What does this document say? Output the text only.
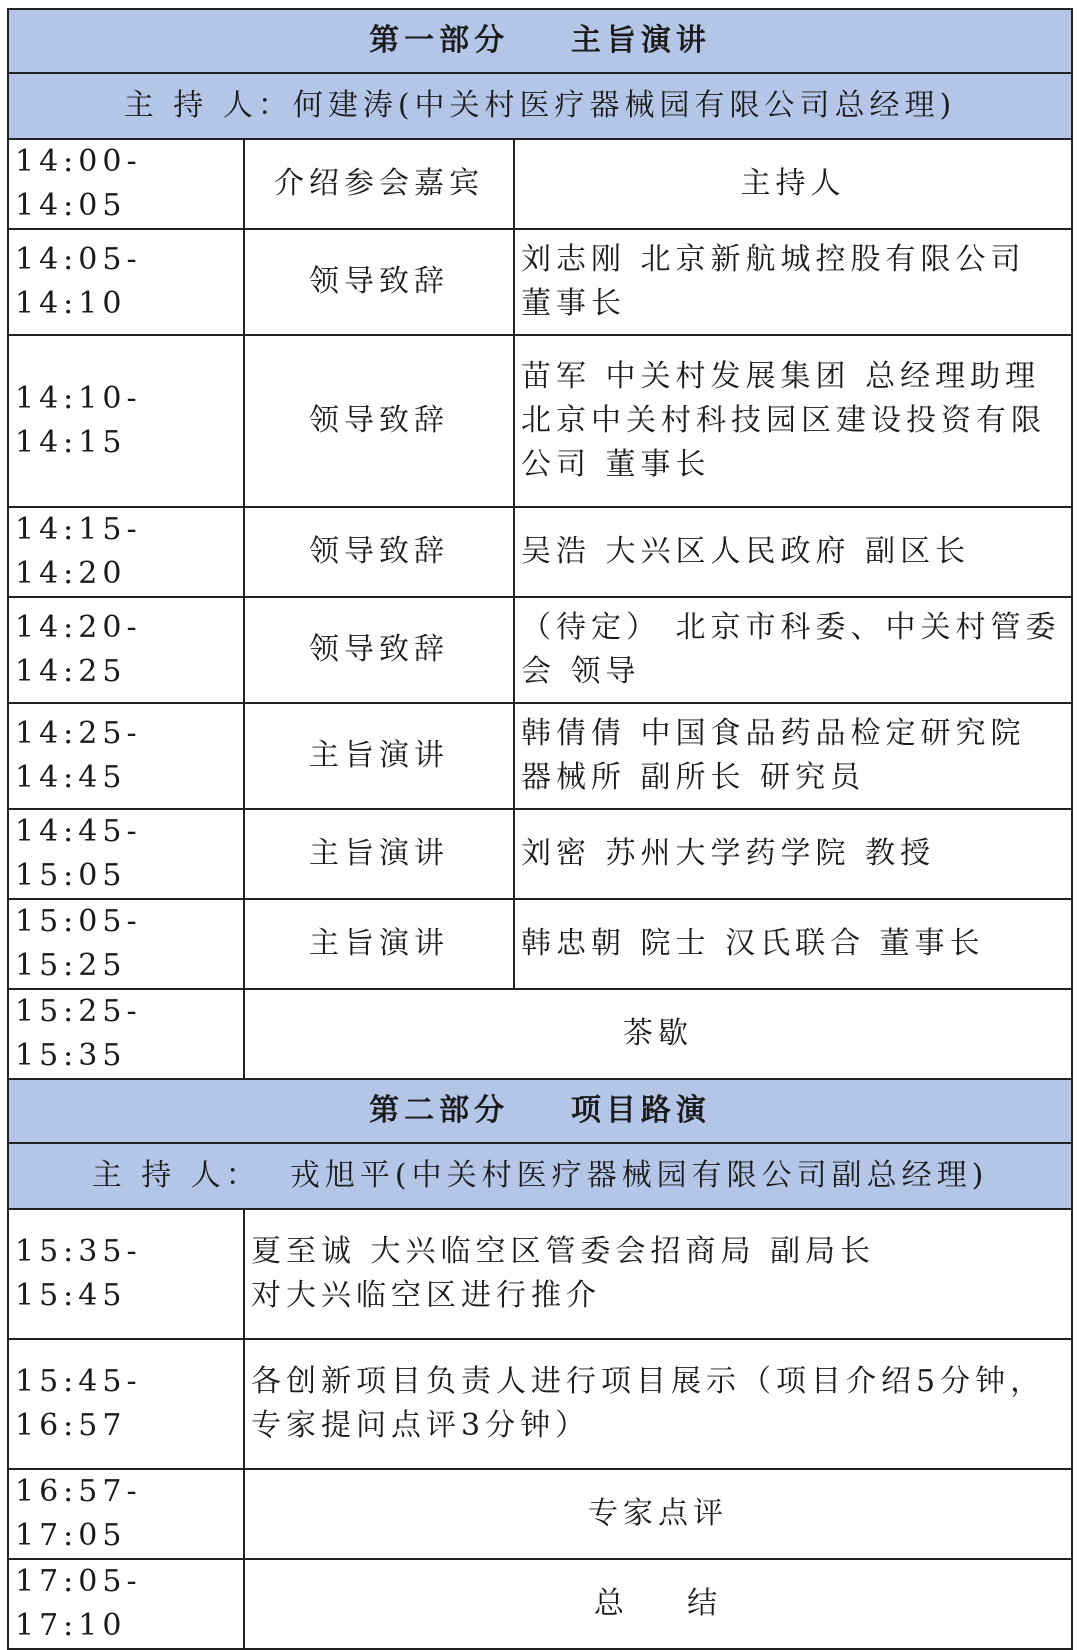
第一部分    主旨演讲		
主 持 人：何建涛(中关村医疗器械园有限公司总经理)		
14:00-14:05	介绍参会嘉宾	主持人

14:05-14:10	领导致辞	刘志刚 北京新航城控股有限公司
董事长

14:10-14:15	领导致辞	苗军 中关村发展集团 总经理助理
北京中关村科技园区建设投资有限
公司 董事长

14:15-14:20	领导致辞	吴浩 大兴区人民政府 副区长

14:20-14:25	领导致辞	（待定） 北京市科委、中关村管委
会 领导

14:25-14:45	主旨演讲	韩倩倩 中国食品药品检定研究院
器械所 副所长 研究员

14:45-15:05	主旨演讲	刘密 苏州大学药学院 教授

15:05-15:25	主旨演讲	韩忠朝 院士 汉氏联合 董事长

15:25-15:35	茶歇	
第二部分    项目路演		
主 持 人：  戎旭平(中关村医疗器械园有限公司副总经理)		
15:35-15:45	夏至诚 大兴临空区管委会招商局 副局长
对大兴临空区进行推介	

15:45-16:57	各创新项目负责人进行项目展示（项目介绍5分钟，
专家提问点评3分钟）	

16:57-17:05	专家点评	
17:05-17:10	总    结	
